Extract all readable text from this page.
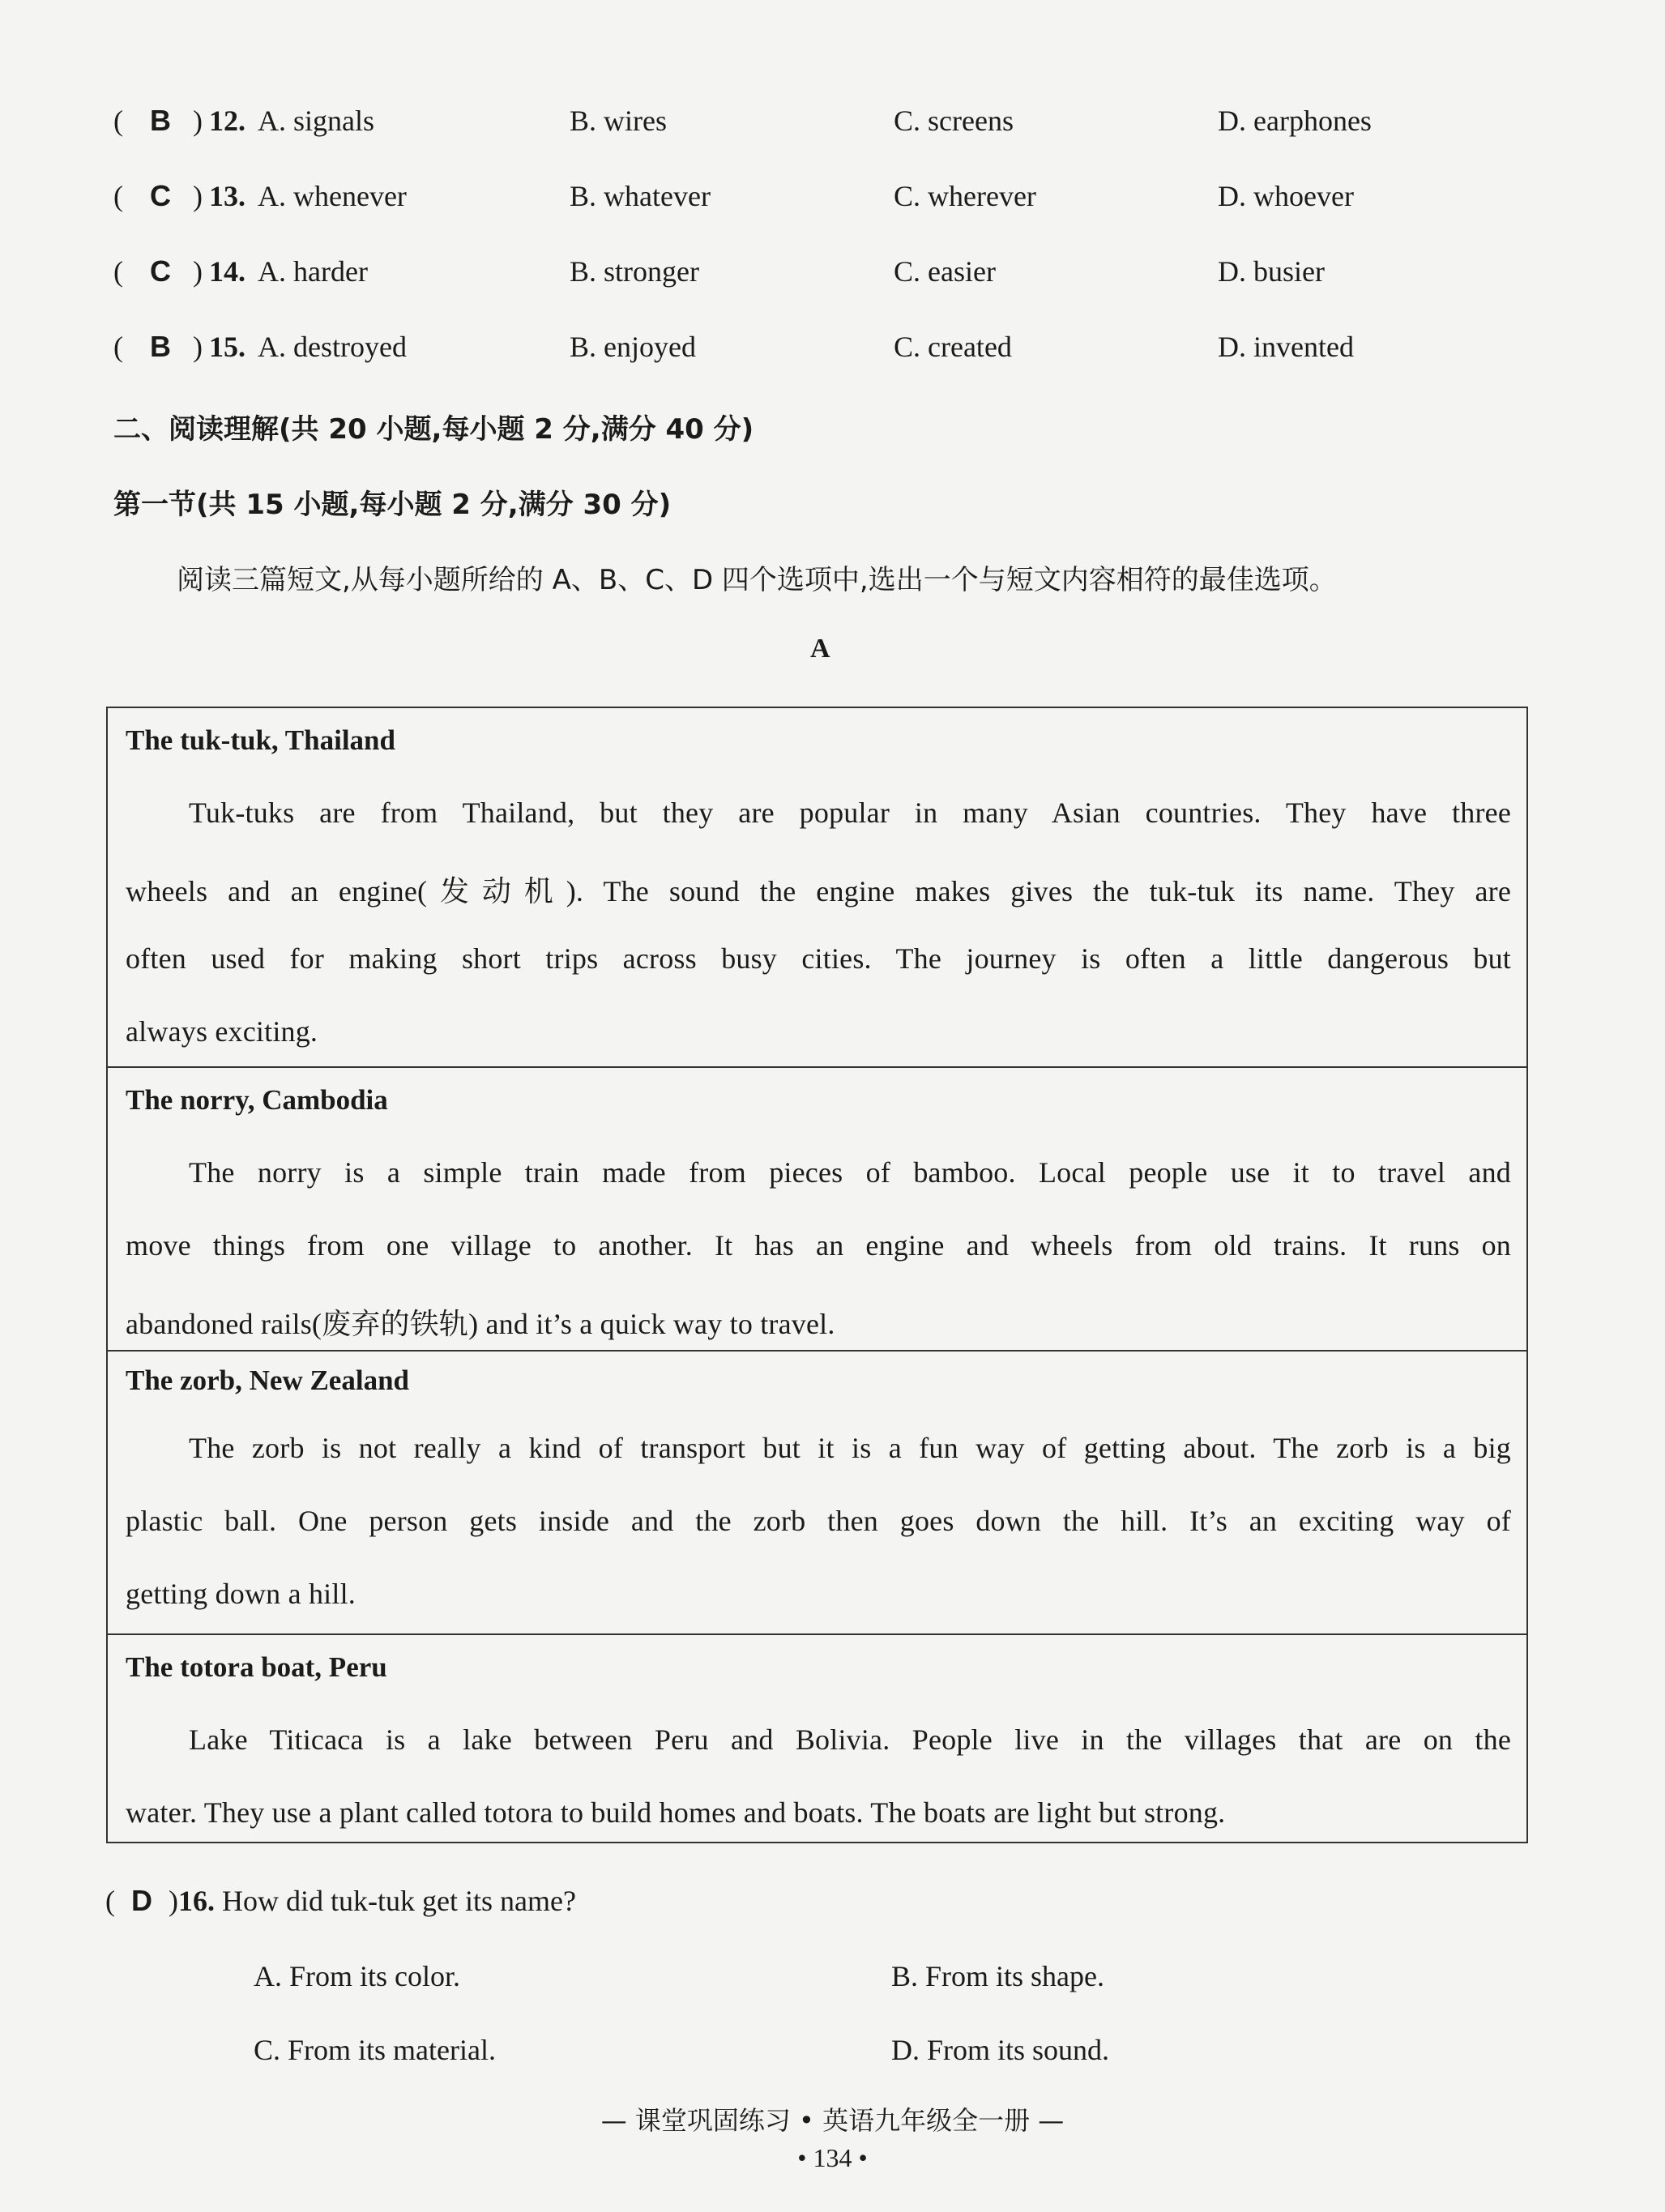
( B ) 12. A. signals	B. wires	C. screens	D. earphones
( C ) 13. A. whenever	B. whatever	C. wherever	D. whoever
( C ) 14. A. harder	B. stronger	C. easier	D. busier
( B ) 15. A. destroyed	B. enjoyed	C. created	D. invented
二、阅读理解(共 20 小题,每小题 2 分,满分 40 分)
第一节(共 15 小题,每小题 2 分,满分 30 分)
阅读三篇短文,从每小题所给的 A、B、C、D 四个选项中,选出一个与短文内容相符的最佳选项。
A
The tuk-tuk, Thailand
Tuk-tuks are from Thailand, but they are popular in many Asian countries. They have three
wheels and an engine(发动机). The sound the engine makes gives the tuk-tuk its name. They are
often used for making short trips across busy cities. The journey is often a little dangerous but
always exciting.
The norry, Cambodia
The norry is a simple train made from pieces of bamboo. Local people use it to travel and
move things from one village to another. It has an engine and wheels from old trains. It runs on
abandoned rails(废弃的铁轨) and it’s a quick way to travel.
The zorb, New Zealand
The zorb is not really a kind of transport but it is a fun way of getting about. The zorb is a big
plastic ball. One person gets inside and the zorb then goes down the hill. It’s an exciting way of
getting down a hill.
The totora boat, Peru
Lake Titicaca is a lake between Peru and Bolivia. People live in the villages that are on the
water. They use a plant called totora to build homes and boats. The boats are light but strong.
( D )16. How did tuk-tuk get its name?
A. From its color.	B. From its shape.
C. From its material.	D. From its sound.
— 课堂巩固练习 • 英语九年级全一册 —
• 134 •
